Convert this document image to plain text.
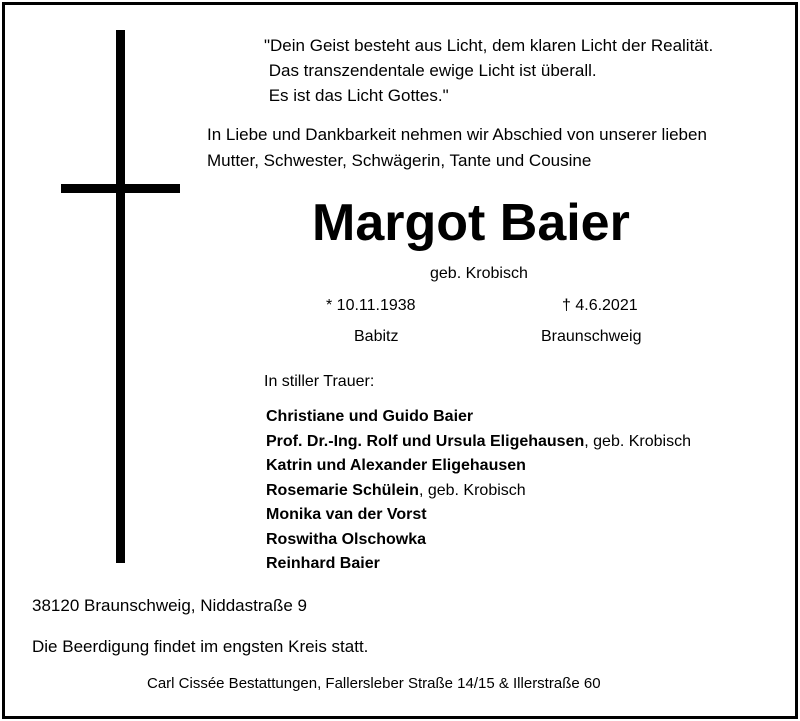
"Dein Geist besteht aus Licht, dem klaren Licht der Realität.
Das transzendentale ewige Licht ist überall.
Es ist das Licht Gottes."
In Liebe und Dankbarkeit nehmen wir Abschied von unserer lieben
Mutter, Schwester, Schwägerin, Tante und Cousine
Margot Baier
geb. Krobisch
* 10.11.1938	† 4.6.2021
Babitz	Braunschweig
In stiller Trauer:
Christiane und Guido Baier
Prof. Dr.-Ing. Rolf und Ursula Eligehausen, geb. Krobisch
Katrin und Alexander Eligehausen
Rosemarie Schülein, geb. Krobisch
Monika van der Vorst
Roswitha Olschowka
Reinhard Baier
38120 Braunschweig, Niddastraße 9
Die Beerdigung findet im engsten Kreis statt.
Carl Cissée Bestattungen, Fallersleber Straße 14/15 & Illerstraße 60
